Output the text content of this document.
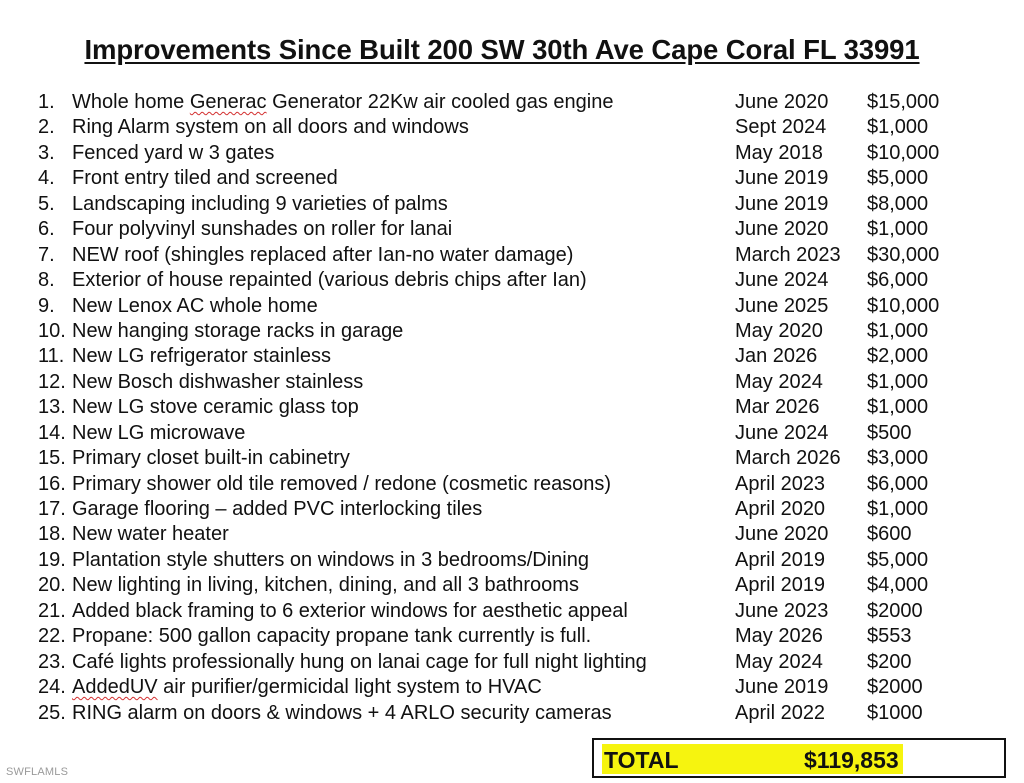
Improvements Since Built 200 SW 30th Ave Cape Coral FL 33991
1. Whole home Generac Generator 22Kw air cooled gas engine	June 2020 $15,000
2. Ring Alarm system on all doors and windows	Sept 2024 $1,000
3. Fenced yard w 3 gates	May 2018 $10,000
4. Front entry tiled and screened	June 2019 $5,000
5. Landscaping including 9 varieties of palms	June 2019 $8,000
6. Four polyvinyl sunshades on roller for lanai	June 2020 $1,000
7. NEW roof (shingles replaced after Ian-no water damage)	March 2023 $30,000
8. Exterior of house repainted (various debris chips after Ian)	June 2024 $6,000
9. New Lenox AC whole home	June 2025 $10,000
10. New hanging storage racks in garage	May 2020 $1,000
11. New LG refrigerator stainless	Jan 2026 $2,000
12. New Bosch dishwasher stainless	May 2024 $1,000
13. New LG stove ceramic glass top	Mar 2026 $1,000
14. New LG microwave	June 2024 $500
15. Primary closet built-in cabinetry	March 2026 $3,000
16. Primary shower old tile removed / redone (cosmetic reasons)	April 2023 $6,000
17. Garage flooring – added PVC interlocking tiles	April 2020 $1,000
18. New water heater	June 2020 $600
19. Plantation style shutters on windows in 3 bedrooms/Dining	April 2019 $5,000
20. New lighting in living, kitchen, dining, and all 3 bathrooms	April 2019 $4,000
21. Added black framing to 6 exterior windows for aesthetic appeal	June 2023 $2000
22. Propane: 500 gallon capacity propane tank currently is full.	May 2026 $553
23. Café lights professionally hung on lanai cage for full night lighting	May 2024 $200
24. AddedUV air purifier/germicidal light system to HVAC	June 2019 $2000
25. RING alarm on doors & windows + 4 ARLO security cameras	April 2022 $1000
TOTAL	$119,853
SWFLAMLS
